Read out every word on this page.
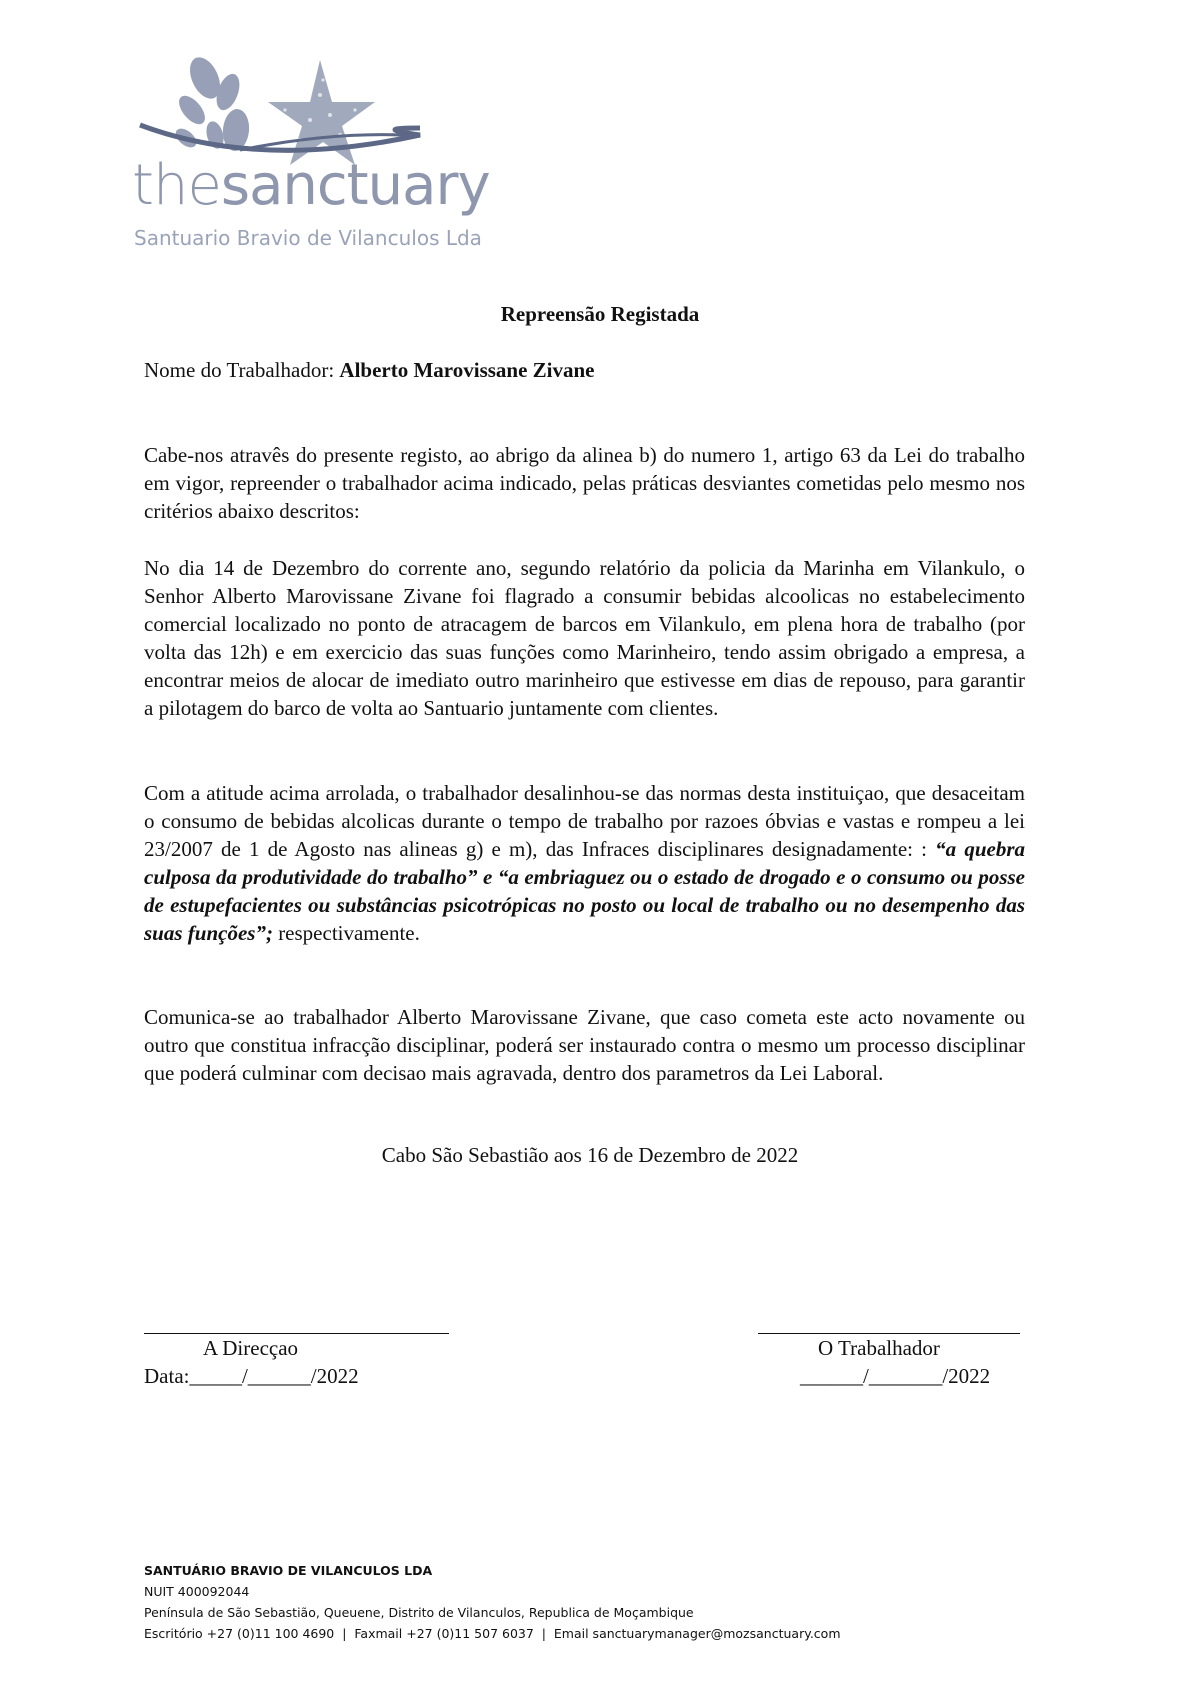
thesanctuary
Santuario Bravio de Vilanculos Lda
Repreensão Registada
Nome do Trabalhador: Alberto Marovissane Zivane
Cabe-nos atravês do presente registo, ao abrigo da alinea b) do numero 1, artigo 63 da Lei do trabalho em vigor, repreender o trabalhador acima indicado, pelas práticas desviantes cometidas pelo mesmo nos critérios abaixo descritos:
No dia 14 de Dezembro do corrente ano, segundo relatório da policia da Marinha em Vilankulo, o Senhor Alberto Marovissane Zivane foi flagrado a consumir bebidas alcoolicas no estabelecimento comercial localizado no ponto de atracagem de barcos em Vilankulo, em plena hora de trabalho (por volta das 12h) e em exercicio das suas funções como Marinheiro, tendo assim obrigado a empresa, a encontrar meios de alocar de imediato outro marinheiro que estivesse em dias de repouso, para garantir a pilotagem do barco de volta ao Santuario juntamente com clientes.
Com a atitude acima arrolada, o trabalhador desalinhou-se das normas desta instituiçao, que desaceitam o consumo de bebidas alcolicas durante o tempo de trabalho por razoes óbvias e vastas e rompeu a lei 23/2007 de 1 de Agosto nas alineas g) e m), das Infraces disciplinares designadamente: : “a quebra culposa da produtividade do trabalho” e “a embriaguez ou o estado de drogado e o consumo ou posse de estupefacientes ou substâncias psicotrópicas no posto ou local de trabalho ou no desempenho das suas funções”; respectivamente.
Comunica-se ao trabalhador Alberto Marovissane Zivane, que caso cometa este acto novamente ou outro que constitua infracção disciplinar, poderá ser instaurado contra o mesmo um processo disciplinar que poderá culminar com decisao mais agravada, dentro dos parametros da Lei Laboral.
Cabo São Sebastião aos 16 de Dezembro de 2022
A Direcçao
Data:_____/______/2022
O Trabalhador
______/_______/2022
SANTUÁRIO BRAVIO DE VILANCULOS LDA
NUIT 400092044
Península de São Sebastião, Queuene, Distrito de Vilanculos, Republica de Moçambique
Escritório +27 (0)11 100 4690  |  Faxmail +27 (0)11 507 6037  |  Email sanctuarymanager@mozsanctuary.com
